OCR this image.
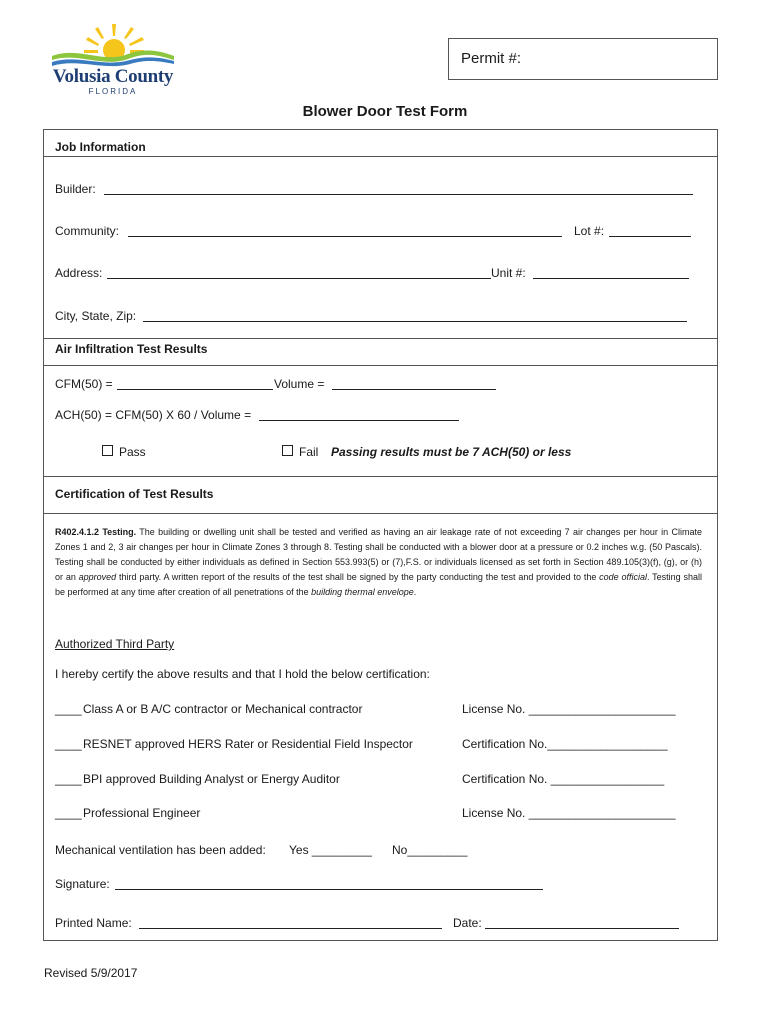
Volusia County
FLORIDA
Permit #:
Blower Door Test Form
Job Information
Builder:
Community:	Lot #:
Address:	Unit #:
City, State, Zip:
Air Infiltration Test Results
CFM(50) =	Volume =
ACH(50) = CFM(50) X 60 / Volume =
Pass	Fail Passing results must be 7 ACH(50) or less
Certification of Test Results
R402.4.1.2 Testing. The building or dwelling unit shall be tested and verified as having an air leakage rate of not exceeding 7 air changes per hour in Climate Zones 1 and 2, 3 air changes per hour in Climate Zones 3 through 8. Testing shall be conducted with a blower door at a pressure or 0.2 inches w.g. (50 Pascals). Testing shall be conducted by either individuals as defined in Section 553.993(5) or (7),F.S. or individuals licensed as set forth in Section 489.105(3)(f), (g), or (h) or an approved third party. A written report of the results of the test shall be signed by the party conducting the test and provided to the code official. Testing shall be performed at any time after creation of all penetrations of the building thermal envelope.
Authorized Third Party
I hereby certify the above results and that I hold the below certification:
____ Class A or B A/C contractor or Mechanical contractor	License No. ______________________
____ RESNET approved HERS Rater or Residential Field Inspector	Certification No.__________________
____ BPI approved Building Analyst or Energy Auditor	Certification No. _________________
____ Professional Engineer	License No. ______________________
Mechanical ventilation has been added: Yes _________ No_________
Signature:
Printed Name:	Date:
Revised 5/9/2017
